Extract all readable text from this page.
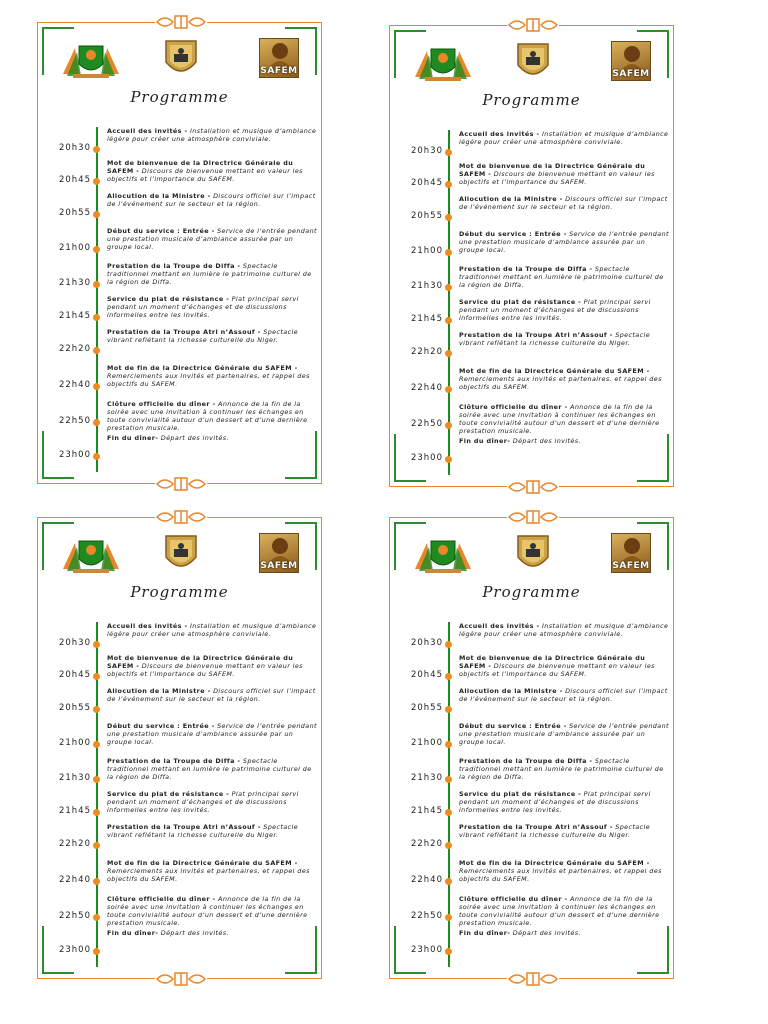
SAFEM
Programme
Accueil des invités - Installation et musique d’ambiance légère pour créer une atmosphère conviviale.
20h30
Mot de bienvenue de la Directrice Générale du SAFEM - Discours de bienvenue mettant en valeur les objectifs et l’importance du SAFEM.
20h45
Allocution de la Ministre - Discours officiel sur l’impact de l’événement sur le secteur et la région.
20h55
Début du service : Entrée - Service de l’entrée pendant une prestation musicale d’ambiance assurée par un groupe local.
21h00
Prestation de la Troupe de Diffa - Spectacle traditionnel mettant en lumière le patrimoine culturel de la région de Diffa.
21h30
Service du plat de résistance - Plat principal servi pendant un moment d’échanges et de discussions informelles entre les invités.
21h45
Prestation de la Troupe Atri n’Assouf - Spectacle vibrant reflétant la richesse culturelle du Niger.
22h20
Mot de fin de la Directrice Générale du SAFEM - Remerciements aux invités et partenaires, et rappel des objectifs du SAFEM.
22h40
Clôture officielle du dîner - Annonce de la fin de la soirée avec une invitation à continuer les échanges en toute convivialité autour d’un dessert et d’une dernière prestation musicale.
22h50
Fin du dîner- Départ des invités.
23h00
SAFEM
Programme
Accueil des invités - Installation et musique d’ambiance légère pour créer une atmosphère conviviale.
20h30
Mot de bienvenue de la Directrice Générale du SAFEM - Discours de bienvenue mettant en valeur les objectifs et l’importance du SAFEM.
20h45
Allocution de la Ministre - Discours officiel sur l’impact de l’événement sur le secteur et la région.
20h55
Début du service : Entrée - Service de l’entrée pendant une prestation musicale d’ambiance assurée par un groupe local.
21h00
Prestation de la Troupe de Diffa - Spectacle traditionnel mettant en lumière le patrimoine culturel de la région de Diffa.
21h30
Service du plat de résistance - Plat principal servi pendant un moment d’échanges et de discussions informelles entre les invités.
21h45
Prestation de la Troupe Atri n’Assouf - Spectacle vibrant reflétant la richesse culturelle du Niger.
22h20
Mot de fin de la Directrice Générale du SAFEM - Remerciements aux invités et partenaires, et rappel des objectifs du SAFEM.
22h40
Clôture officielle du dîner - Annonce de la fin de la soirée avec une invitation à continuer les échanges en toute convivialité autour d’un dessert et d’une dernière prestation musicale.
22h50
Fin du dîner- Départ des invités.
23h00
SAFEM
Programme
Accueil des invités - Installation et musique d’ambiance légère pour créer une atmosphère conviviale.
20h30
Mot de bienvenue de la Directrice Générale du SAFEM - Discours de bienvenue mettant en valeur les objectifs et l’importance du SAFEM.
20h45
Allocution de la Ministre - Discours officiel sur l’impact de l’événement sur le secteur et la région.
20h55
Début du service : Entrée - Service de l’entrée pendant une prestation musicale d’ambiance assurée par un groupe local.
21h00
Prestation de la Troupe de Diffa - Spectacle traditionnel mettant en lumière le patrimoine culturel de la région de Diffa.
21h30
Service du plat de résistance - Plat principal servi pendant un moment d’échanges et de discussions informelles entre les invités.
21h45
Prestation de la Troupe Atri n’Assouf - Spectacle vibrant reflétant la richesse culturelle du Niger.
22h20
Mot de fin de la Directrice Générale du SAFEM - Remerciements aux invités et partenaires, et rappel des objectifs du SAFEM.
22h40
Clôture officielle du dîner - Annonce de la fin de la soirée avec une invitation à continuer les échanges en toute convivialité autour d’un dessert et d’une dernière prestation musicale.
22h50
Fin du dîner- Départ des invités.
23h00
SAFEM
Programme
Accueil des invités - Installation et musique d’ambiance légère pour créer une atmosphère conviviale.
20h30
Mot de bienvenue de la Directrice Générale du SAFEM - Discours de bienvenue mettant en valeur les objectifs et l’importance du SAFEM.
20h45
Allocution de la Ministre - Discours officiel sur l’impact de l’événement sur le secteur et la région.
20h55
Début du service : Entrée - Service de l’entrée pendant une prestation musicale d’ambiance assurée par un groupe local.
21h00
Prestation de la Troupe de Diffa - Spectacle traditionnel mettant en lumière le patrimoine culturel de la région de Diffa.
21h30
Service du plat de résistance - Plat principal servi pendant un moment d’échanges et de discussions informelles entre les invités.
21h45
Prestation de la Troupe Atri n’Assouf - Spectacle vibrant reflétant la richesse culturelle du Niger.
22h20
Mot de fin de la Directrice Générale du SAFEM - Remerciements aux invités et partenaires, et rappel des objectifs du SAFEM.
22h40
Clôture officielle du dîner - Annonce de la fin de la soirée avec une invitation à continuer les échanges en toute convivialité autour d’un dessert et d’une dernière prestation musicale.
22h50
Fin du dîner- Départ des invités.
23h00
